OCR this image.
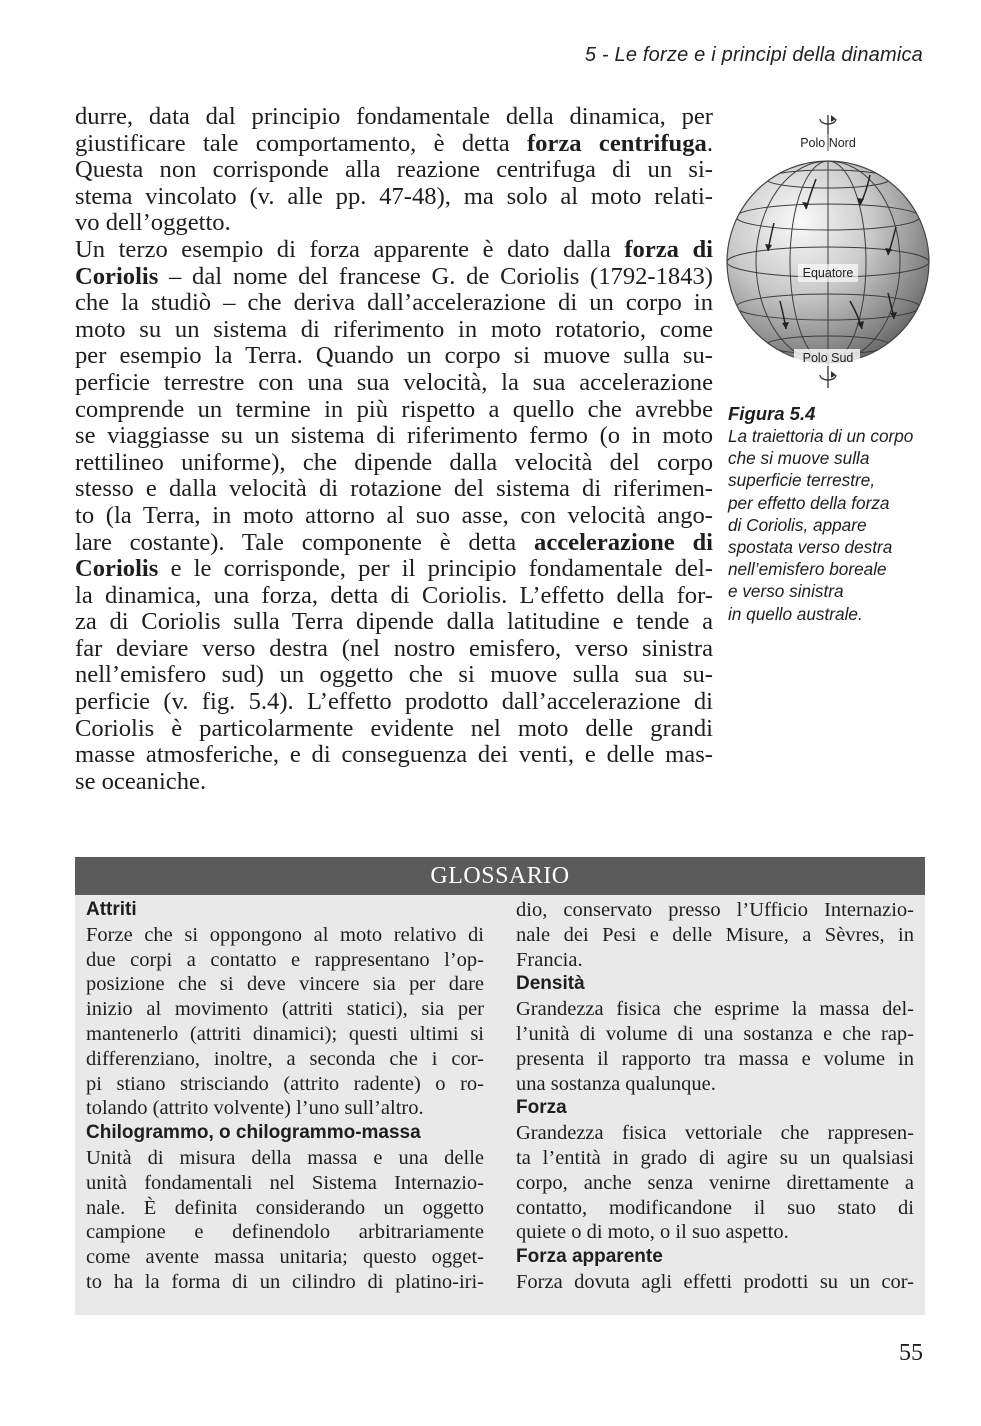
5 - Le forze e i principi della dinamica
durre, data dal principio fondamentale della dinamica, per
giustificare tale comportamento, è detta forza centrifuga.
Questa non corrisponde alla reazione centrifuga di un si-
stema vincolato (v. alle pp. 47-48), ma solo al moto relati-
vo dell’oggetto.
Un terzo esempio di forza apparente è dato dalla forza di
Coriolis – dal nome del francese G. de Coriolis (1792-1843)
che la studiò – che deriva dall’accelerazione di un corpo in
moto su un sistema di riferimento in moto rotatorio, come
per esempio la Terra. Quando un corpo si muove sulla su-
perficie terrestre con una sua velocità, la sua accelerazione
comprende un termine in più rispetto a quello che avrebbe
se viaggiasse su un sistema di riferimento fermo (o in moto
rettilineo uniforme), che dipende dalla velocità del corpo
stesso e dalla velocità di rotazione del sistema di riferimen-
to (la Terra, in moto attorno al suo asse, con velocità ango-
lare costante). Tale componente è detta accelerazione di
Coriolis e le corrisponde, per il principio fondamentale del-
la dinamica, una forza, detta di Coriolis. L’effetto della for-
za di Coriolis sulla Terra dipende dalla latitudine e tende a
far deviare verso destra (nel nostro emisfero, verso sinistra
nell’emisfero sud) un oggetto che si muove sulla sua su-
perficie (v. fig. 5.4). L’effetto prodotto dall’accelerazione di
Coriolis è particolarmente evidente nel moto delle grandi
masse atmosferiche, e di conseguenza dei venti, e delle mas-
se oceaniche.
Polo Nord
Equatore
Polo Sud
Figura 5.4
La traiettoria di un corpo
che si muove sulla
superficie terrestre,
per effetto della forza
di Coriolis, appare
spostata verso destra
nell’emisfero boreale
e verso sinistra
in quello australe.
GLOSSARIO
Attriti
Forze che si oppongono al moto relativo di
due corpi a contatto e rappresentano l’op-
posizione che si deve vincere sia per dare
inizio al movimento (attriti statici), sia per
mantenerlo (attriti dinamici); questi ultimi si
differenziano, inoltre, a seconda che i cor-
pi stiano strisciando (attrito radente) o ro-
tolando (attrito volvente) l’uno sull’altro.
Chilogrammo, o chilogrammo-massa
Unità di misura della massa e una delle
unità fondamentali nel Sistema Internazio-
nale. È definita considerando un oggetto
campione e definendolo arbitrariamente
come avente massa unitaria; questo ogget-
to ha la forma di un cilindro di platino-iri-
dio, conservato presso l’Ufficio Internazio-
nale dei Pesi e delle Misure, a Sèvres, in
Francia.
Densità
Grandezza fisica che esprime la massa del-
l’unità di volume di una sostanza e che rap-
presenta il rapporto tra massa e volume in
una sostanza qualunque.
Forza
Grandezza fisica vettoriale che rappresen-
ta l’entità in grado di agire su un qualsiasi
corpo, anche senza venirne direttamente a
contatto, modificandone il suo stato di
quiete o di moto, o il suo aspetto.
Forza apparente
Forza dovuta agli effetti prodotti su un cor-
55
